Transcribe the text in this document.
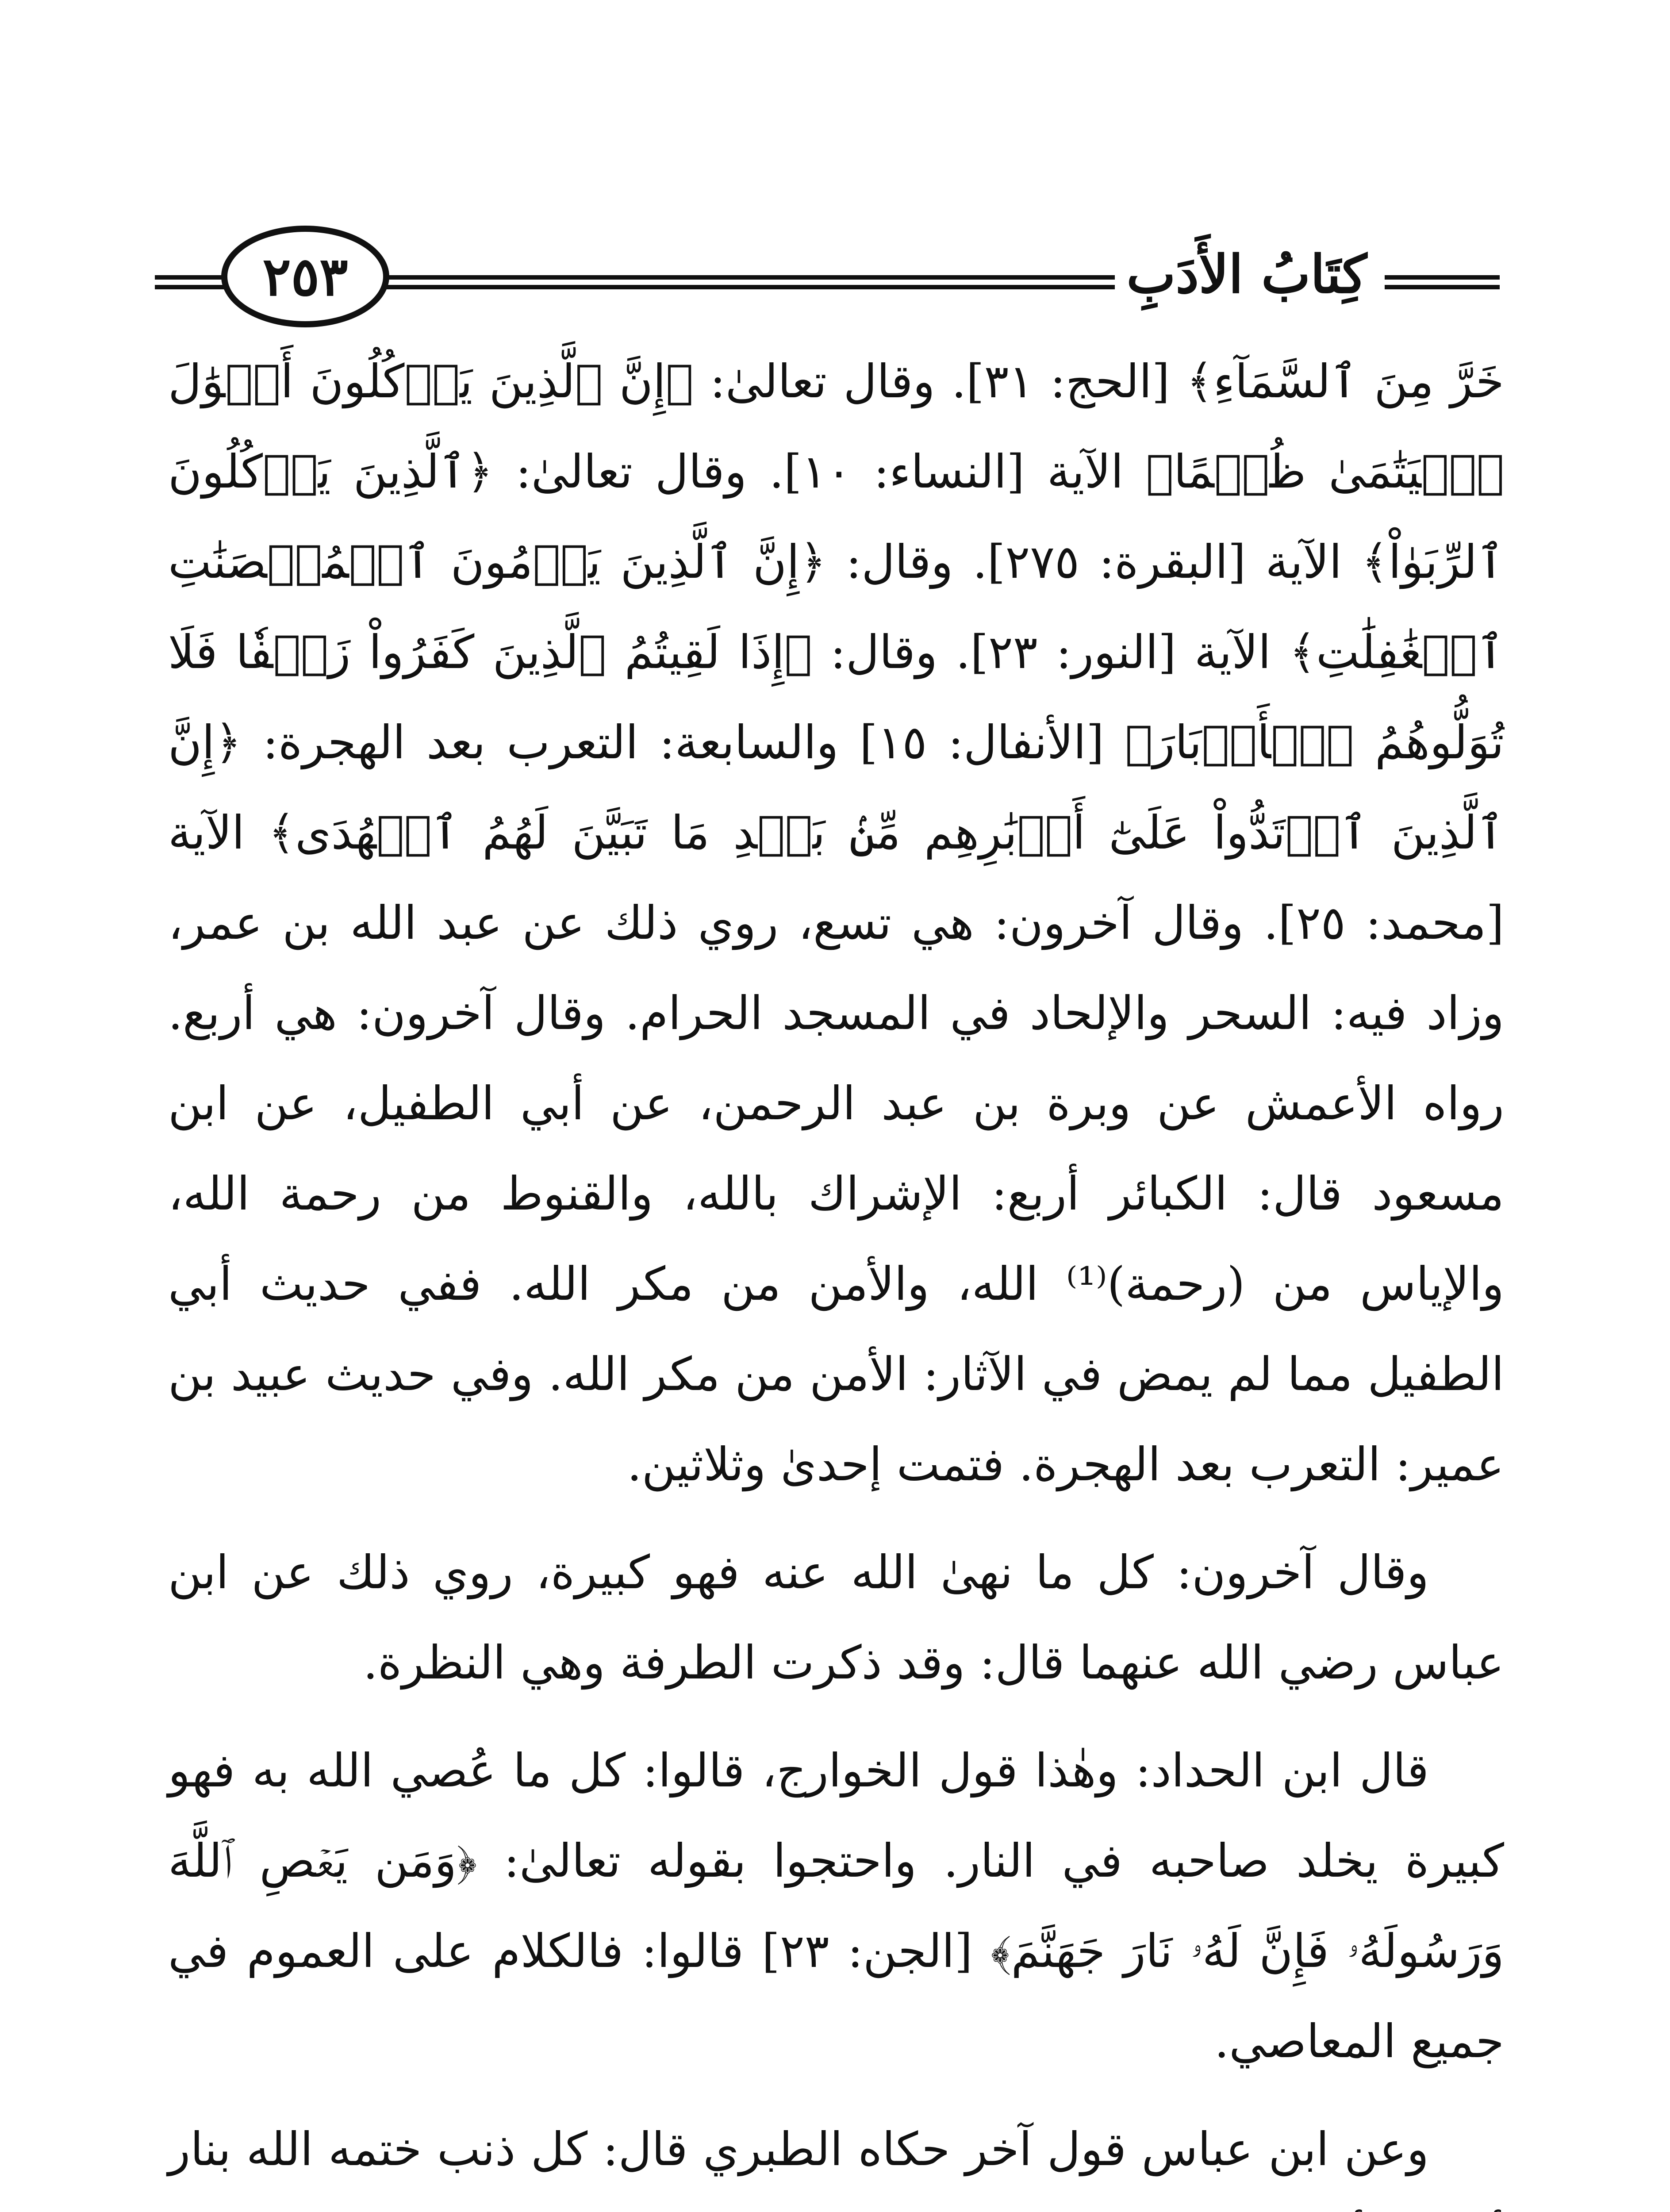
كِتَابُ الأَدَبِ
٢٥٣

خَرَّ مِنَ ٱلسَّمَآءِ﴾ [الحج: ٣١]. وقال تعالىٰ: ﴿إِنَّ ٱلَّذِينَ يَأۡكُلُونَ أَمۡوَٰلَ ٱلۡيَتَٰمَىٰ ظُلۡمًا﴾ الآية [النساء: ١٠]. وقال تعالىٰ: ﴿ٱلَّذِينَ يَأۡكُلُونَ ٱلرِّبَوٰاْ﴾ الآية [البقرة: ٢٧٥]. وقال: ﴿إِنَّ ٱلَّذِينَ يَرۡمُونَ ٱلۡمُحۡصَنَٰتِ ٱلۡغَٰفِلَٰتِ﴾ الآية [النور: ٢٣]. وقال: ﴿إِذَا لَقِيتُمُ ٱلَّذِينَ كَفَرُواْ زَحۡفٗا فَلَا تُوَلُّوهُمُ ٱلۡأَدۡبَارَ﴾ [الأنفال: ١٥] والسابعة: التعرب بعد الهجرة: ﴿إِنَّ ٱلَّذِينَ ٱرۡتَدُّواْ عَلَىٰٓ أَدۡبَٰرِهِم مِّنۢ بَعۡدِ مَا تَبَيَّنَ لَهُمُ ٱلۡهُدَى﴾ الآية [محمد: ٢٥]. وقال آخرون: هي تسع، روي ذلك عن عبد الله بن عمر، وزاد فيه: السحر والإلحاد في المسجد الحرام. وقال آخرون: هي أربع. رواه الأعمش عن وبرة بن عبد الرحمن، عن أبي الطفيل، عن ابن مسعود قال: الكبائر أربع: الإشراك بالله، والقنوط من رحمة الله، والإياس من (رحمة)⁽¹⁾ الله، والأمن من مكر الله. ففي حديث أبي الطفيل مما لم يمض في الآثار: الأمن من مكر الله. وفي حديث عبيد بن عمير: التعرب بعد الهجرة. فتمت إحدىٰ وثلاثين.

وقال آخرون: كل ما نهىٰ الله عنه فهو كبيرة، روي ذلك عن ابن عباس رضي الله عنهما قال: وقد ذكرت الطرفة وهي النظرة.

قال ابن الحداد: وهٰذا قول الخوارج، قالوا: كل ما عُصي الله به فهو كبيرة يخلد صاحبه في النار. واحتجوا بقوله تعالىٰ: ﴿وَمَن يَعۡصِ ٱللَّهَ وَرَسُولَهُۥ فَإِنَّ لَهُۥ نَارَ جَهَنَّمَ﴾ [الجن: ٢٣] قالوا: فالكلام على العموم في جميع المعاصي.

وعن ابن عباس قول آخر حكاه الطبري قال: كل ذنب ختمه الله بنار
